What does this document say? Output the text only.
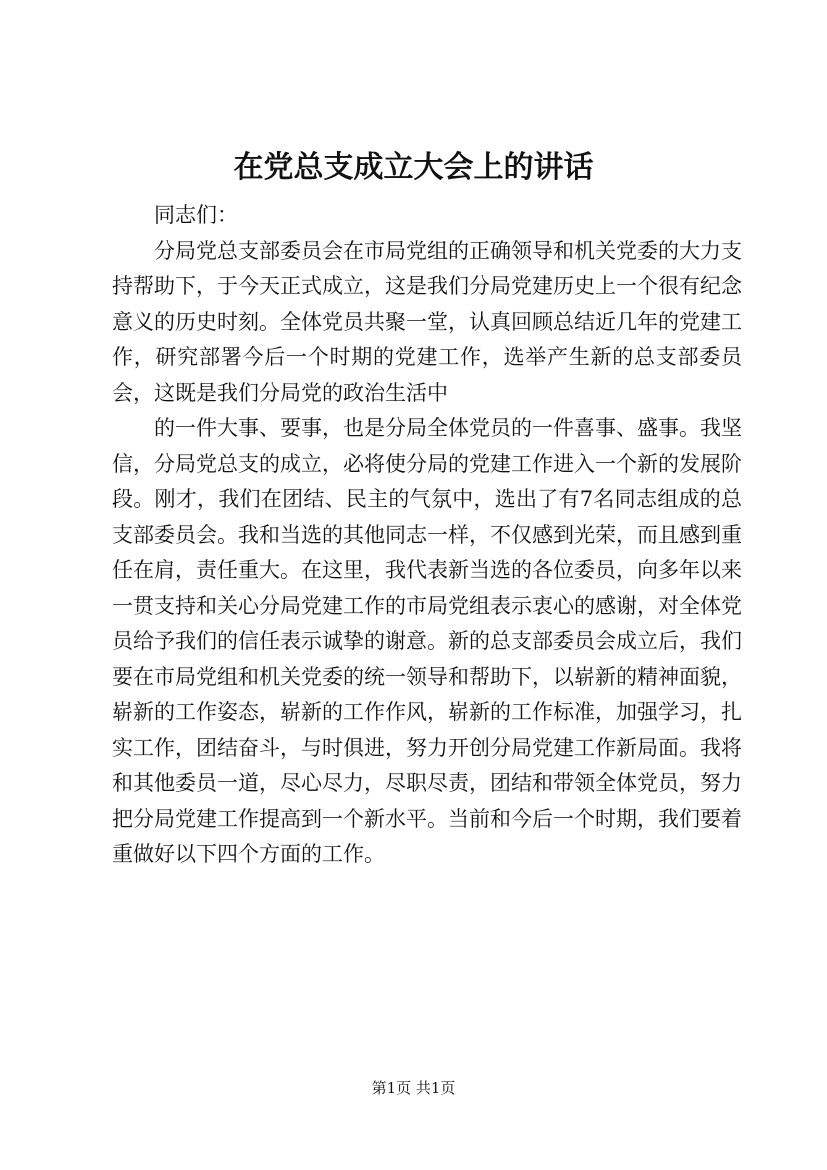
在党总支成立大会上的讲话

同志们：

分局党总支部委员会在市局党组的正确领导和机关党委的大力支持帮助下，于今天正式成立，这是我们分局党建历史上一个很有纪念意义的历史时刻。全体党员共聚一堂，认真回顾总结近几年的党建工作，研究部署今后一个时期的党建工作，选举产生新的总支部委员会，这既是我们分局党的政治生活中

的一件大事、要事，也是分局全体党员的一件喜事、盛事。我坚信，分局党总支的成立，必将使分局的党建工作进入一个新的发展阶段。刚才，我们在团结、民主的气氛中，选出了有7名同志组成的总支部委员会。我和当选的其他同志一样，不仅感到光荣，而且感到重任在肩，责任重大。在这里，我代表新当选的各位委员，向多年以来一贯支持和关心分局党建工作的市局党组表示衷心的感谢，对全体党员给予我们的信任表示诚挚的谢意。新的总支部委员会成立后，我们要在市局党组和机关党委的统一领导和帮助下，以崭新的精神面貌，崭新的工作姿态，崭新的工作作风，崭新的工作标准，加强学习，扎实工作，团结奋斗，与时俱进，努力开创分局党建工作新局面。我将和其他委员一道，尽心尽力，尽职尽责，团结和带领全体党员，努力把分局党建工作提高到一个新水平。当前和今后一个时期，我们要着重做好以下四个方面的工作。

第1页 共1页
